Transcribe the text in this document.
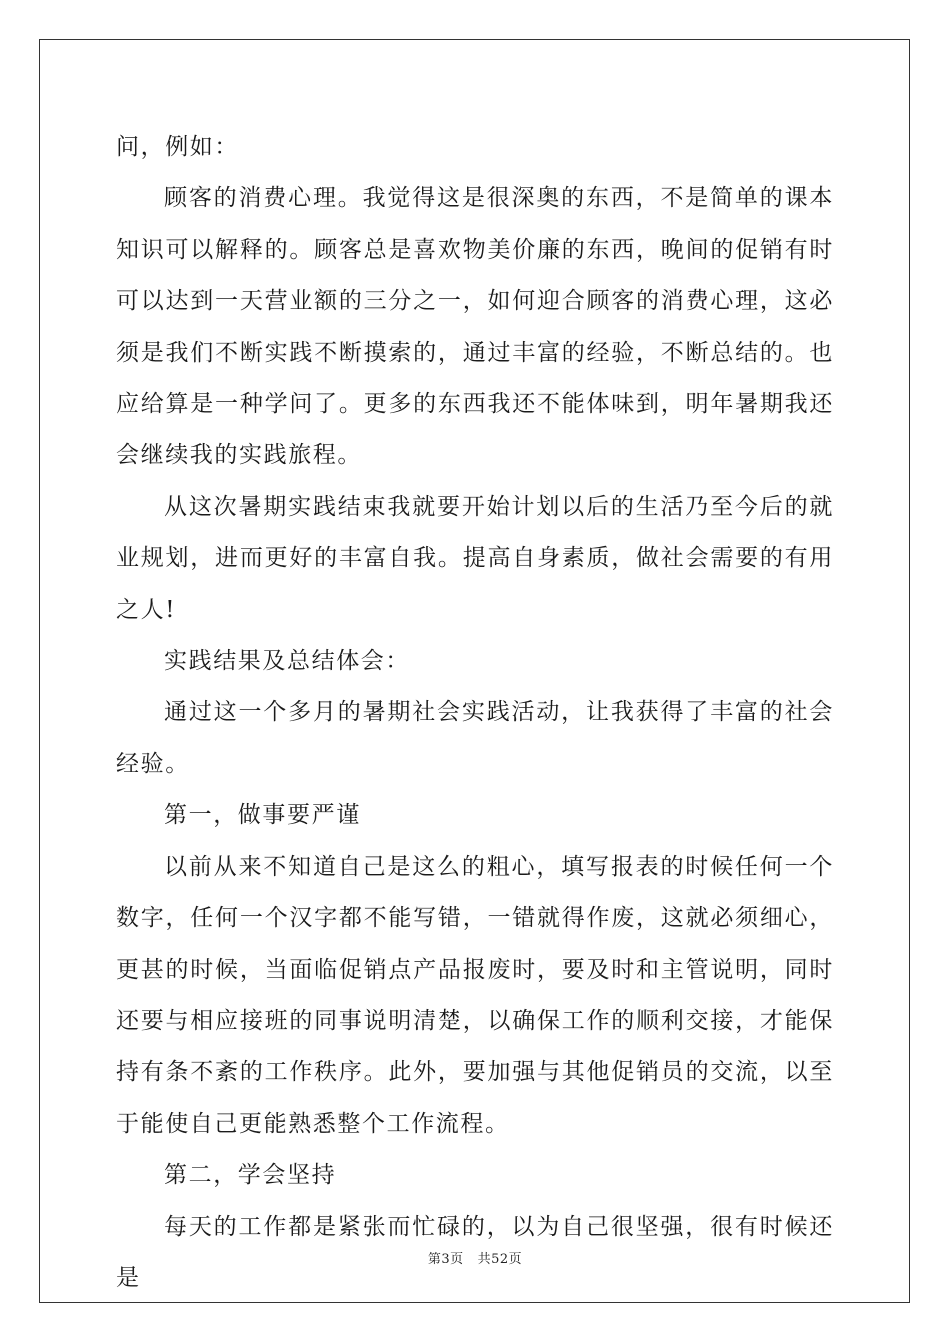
问，例如：

顾客的消费心理。我觉得这是很深奥的东西，不是简单的课本知识可以解释的。顾客总是喜欢物美价廉的东西，晚间的促销有时可以达到一天营业额的三分之一，如何迎合顾客的消费心理，这必须是我们不断实践不断摸索的，通过丰富的经验，不断总结的。也应给算是一种学问了。更多的东西我还不能体味到，明年暑期我还会继续我的实践旅程。

从这次暑期实践结束我就要开始计划以后的生活乃至今后的就业规划，进而更好的丰富自我。提高自身素质，做社会需要的有用之人!

实践结果及总结体会：

通过这一个多月的暑期社会实践活动，让我获得了丰富的社会经验。

第一，做事要严谨

以前从来不知道自己是这么的粗心，填写报表的时候任何一个数字，任何一个汉字都不能写错，一错就得作废，这就必须细心，更甚的时候，当面临促销点产品报废时，要及时和主管说明，同时还要与相应接班的同事说明清楚，以确保工作的顺利交接，才能保持有条不紊的工作秩序。此外，要加强与其他促销员的交流，以至于能使自己更能熟悉整个工作流程。

第二，学会坚持

每天的工作都是紧张而忙碌的，以为自己很坚强，很有时候还是

第3页 共52页
